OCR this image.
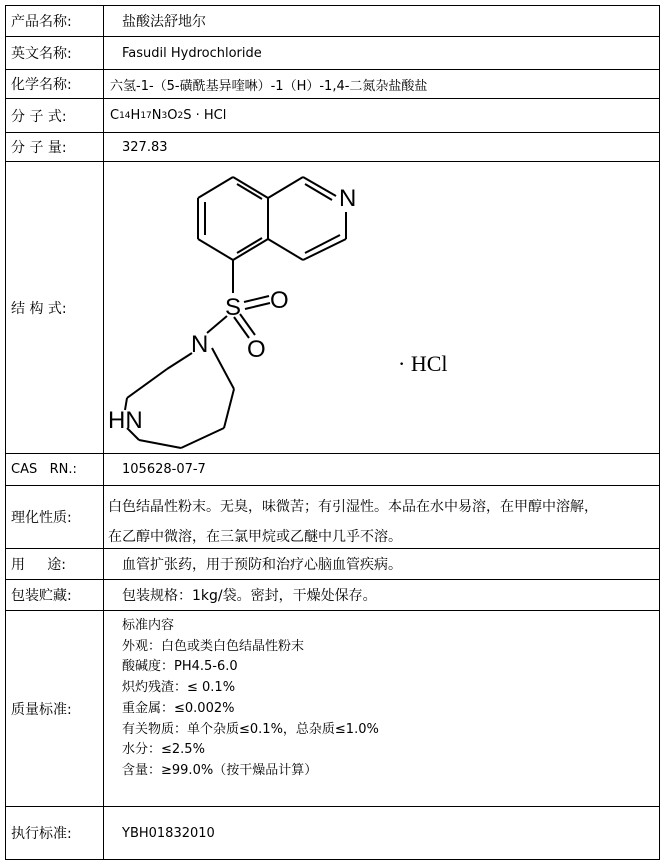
产品名称:	盐酸法舒地尔
英文名称:	Fasudil Hydrochloride
化学名称:	六氢-1-（5-磺酰基异喹啉）-1（H）-1,4-二氮杂盐酸盐
分 子 式:	C 14 H 17 N 3 O 2 S · HCl
分 子 量:	327.83
结 构 式:
N
S O
O
N
HN
· HCl
CAS   RN.:	105628-07-7
理化性质:
白色结晶性粉末。无臭，味微苦；有引湿性。本品在水中易溶，在甲醇中溶解，
在乙醇中微溶，在三氯甲烷或乙醚中几乎不溶。
用     途:	血管扩张药，用于预防和治疗心脑血管疾病。
包装贮藏:	包装规格：1kg/袋。密封，干燥处保存。
质量标准:
标准内容
外观：白色或类白色结晶性粉末
酸碱度：PH4.5-6.0
炽灼残渣：≤ 0.1%
重金属：≤0.002%
有关物质：单个杂质≤0.1%，总杂质≤1.0%
水分：≤2.5%
含量：≥99.0%（按干燥品计算）
执行标准:	YBH01832010
